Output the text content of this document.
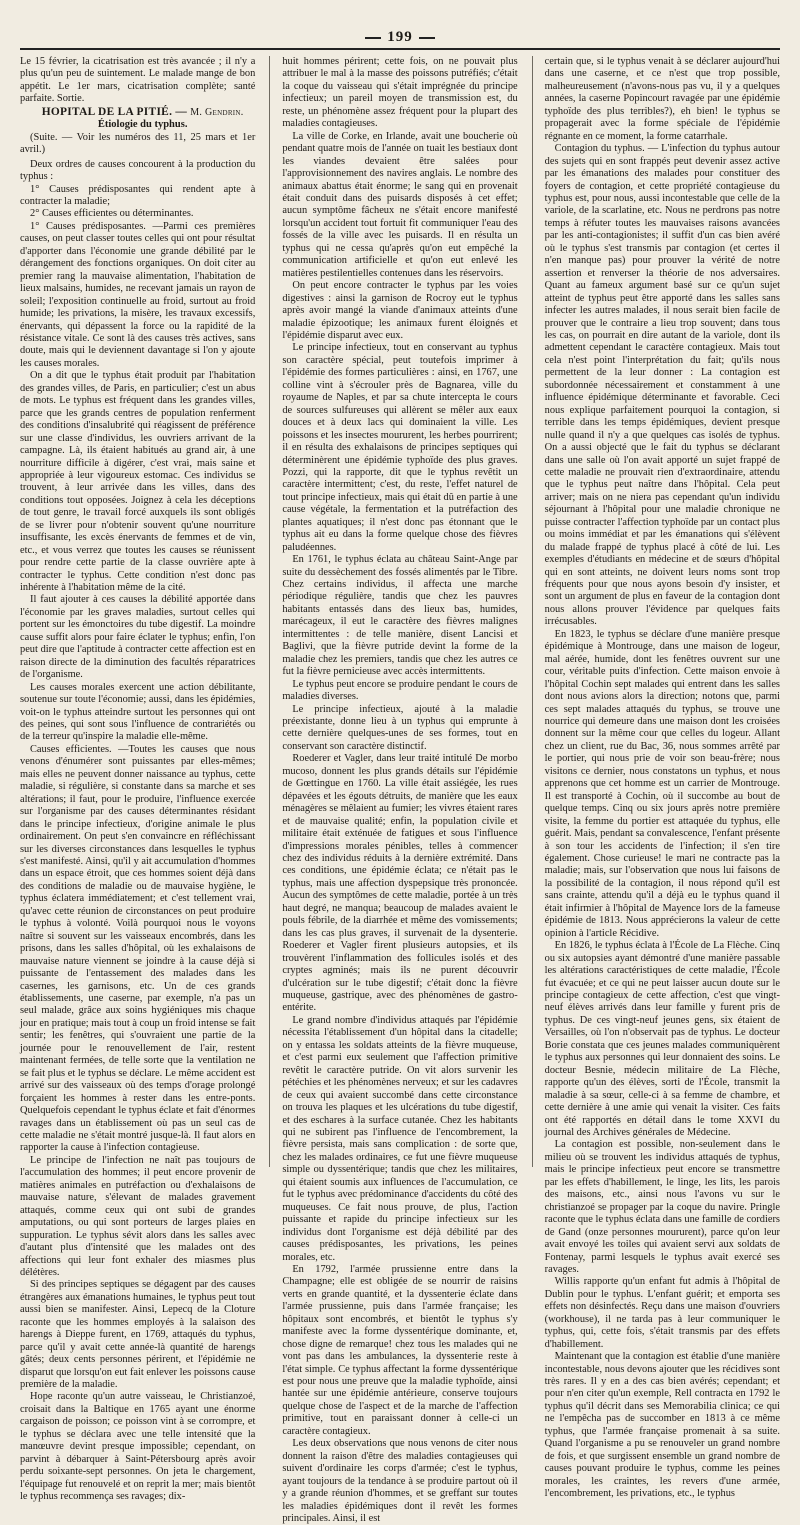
199

Le 15 février, la cicatrisation est très avancée ; il n'y a plus qu'un peu de suintement. Le malade mange de bon appétit. Le 1er mars, cicatrisation complète; santé parfaite. Sortie.

HOPITAL DE LA PITIÉ. — M. Gendrin.

Étiologie du typhus.

(Suite. — Voir les numéros des 11, 25 mars et 1er avril.)

Deux ordres de causes concourent à la production du typhus :

1° Causes prédisposantes qui rendent apte à contracter la maladie;

2° Causes efficientes ou déterminantes.

1° Causes prédisposantes. —Parmi ces premières causes, on peut classer toutes celles qui ont pour résultat d'apporter dans l'économie une grande débilité par le dérangement des fonctions organiques. On doit citer au premier rang la mauvaise alimentation, l'habitation de lieux malsains, humides, ne recevant jamais un rayon de soleil; l'exposition continuelle au froid, surtout au froid humide; les privations, la misère, les travaux excessifs, énervants, qui dépassent la force ou la rapidité de la résistance vitale. Ce sont là des causes très actives, sans doute, mais qui le deviennent davantage si l'on y ajoute les causes morales.

On a dit que le typhus était produit par l'habitation des grandes villes, de Paris, en particulier; c'est un abus de mots. Le typhus est fréquent dans les grandes villes, parce que les grands centres de population renferment des conditions d'insalubrité qui réagissent de préférence sur une classe d'individus, les ouvriers arrivant de la campagne. Là, ils étaient habitués au grand air, à une nourriture difficile à digérer, c'est vrai, mais saine et appropriée à leur vigoureux estomac. Ces individus se trouvent, à leur arrivée dans les villes, dans des conditions tout opposées. Joignez à cela les déceptions de tout genre, le travail forcé auxquels ils sont obligés de se livrer pour n'obtenir souvent qu'une nourriture insuffisante, les excès énervants de femmes et de vin, etc., et vous verrez que toutes les causes se réunissent pour rendre cette partie de la classe ouvrière apte à contracter le typhus. Cette condition n'est donc pas inhérente à l'habitation même de la cité.

Il faut ajouter à ces causes la débilité apportée dans l'économie par les graves maladies, surtout celles qui portent sur les émonctoires du tube digestif. La moindre cause suffit alors pour faire éclater le typhus; enfin, l'on peut dire que l'aptitude à contracter cette affection est en raison directe de la diminution des facultés réparatrices de l'organisme.

Les causes morales exercent une action débilitante, soutenue sur toute l'économie; aussi, dans les épidémies, voit-on le typhus atteindre surtout les personnes qui ont des peines, qui sont sous l'influence de contrariétés ou de la terreur qu'inspire la maladie elle-même.

Causes efficientes. —Toutes les causes que nous venons d'énumérer sont puissantes par elles-mêmes; mais elles ne peuvent donner naissance au typhus, cette maladie, si régulière, si constante dans sa marche et ses altérations; il faut, pour le produire, l'influence exercée sur l'organisme par des causes déterminantes résidant dans le principe infectieux, d'origine animale le plus ordinairement. On peut s'en convaincre en réfléchissant sur les diverses circonstances dans lesquelles le typhus s'est manifesté. Ainsi, qu'il y ait accumulation d'hommes dans un espace étroit, que ces hommes soient déjà dans des conditions de maladie ou de mauvaise hygiène, le typhus éclatera immédiatement; et c'est tellement vrai, qu'avec cette réunion de circonstances on peut produire le typhus à volonté. Voilà pourquoi nous le voyons naître si souvent sur les vaisseaux encombrés, dans les prisons, dans les salles d'hôpital, où les exhalaisons de mauvaise nature viennent se joindre à la cause déjà si puissante de l'entassement des malades dans les casernes, les garnisons, etc. Un de ces grands établissements, une caserne, par exemple, n'a pas un seul malade, grâce aux soins hygiéniques mis chaque jour en pratique; mais tout à coup un froid intense se fait sentir; les fenêtres, qui s'ouvraient une partie de la journée pour le renouvellement de l'air, restent maintenant fermées, de telle sorte que la ventilation ne se fait plus et le typhus se déclare. Le même accident est arrivé sur des vaisseaux où des temps d'orage prolongé forçaient les hommes à rester dans les entre-ponts. Quelquefois cependant le typhus éclate et fait d'énormes ravages dans un établissement où pas un seul cas de cette maladie ne s'était montré jusque-là. Il faut alors en rapporter la cause à l'infection contagieuse.

Le principe de l'infection ne naît pas toujours de l'accumulation des hommes; il peut encore provenir de matières animales en putréfaction ou d'exhalaisons de mauvaise nature, s'élevant de malades gravement attaqués, comme ceux qui ont subi de grandes amputations, ou qui sont porteurs de larges plaies en suppuration. Le typhus sévit alors dans les salles avec d'autant plus d'intensité que les malades ont des affections qui leur font exhaler des miasmes plus délétères.

Si des principes septiques se dégagent par des causes étrangères aux émanations humaines, le typhus peut tout aussi bien se manifester. Ainsi, Lepecq de la Cloture raconte que les hommes employés à la salaison des harengs à Dieppe furent, en 1769, attaqués du typhus, parce qu'il y avait cette année-là quantité de harengs gâtés; deux cents personnes périrent, et l'épidémie ne disparut que lorsqu'on eut fait enlever les poissons cause première de la maladie.

Hope raconte qu'un autre vaisseau, le Christianzoé, croisait dans la Baltique en 1765 ayant une énorme cargaison de poisson; ce poisson vint à se corrompre, et le typhus se déclara avec une telle intensité que la manœuvre devint presque impossible; cependant, on parvint à débarquer à Saint-Pétersbourg après avoir perdu soixante-sept personnes. On jeta le chargement, l'équipage fut renouvelé et on reprit la mer; mais bientôt le typhus recommença ses ravages; dix-

huit hommes périrent; cette fois, on ne pouvait plus attribuer le mal à la masse des poissons putréfiés; c'était la coque du vaisseau qui s'était imprégnée du principe infectieux; un pareil moyen de transmission est, du reste, un phénomène assez fréquent pour la plupart des maladies contagieuses.

La ville de Corke, en Irlande, avait une boucherie où pendant quatre mois de l'année on tuait les bestiaux dont les viandes devaient être salées pour l'approvisionnement des navires anglais. Le nombre des animaux abattus était énorme; le sang qui en provenait était conduit dans des puisards disposés à cet effet; aucun symptôme fâcheux ne s'était encore manifesté lorsqu'un accident tout fortuit fit communiquer l'eau des fossés de la ville avec les puisards. Il en résulta un typhus qui ne cessa qu'après qu'on eut empêché la communication artificielle et qu'on eut enlevé les matières pestilentielles contenues dans les réservoirs.

On peut encore contracter le typhus par les voies digestives : ainsi la garnison de Rocroy eut le typhus après avoir mangé la viande d'animaux atteints d'une maladie épizootique; les animaux furent éloignés et l'épidémie disparut avec eux.

Le principe infectieux, tout en conservant au typhus son caractère spécial, peut toutefois imprimer à l'épidémie des formes particulières : ainsi, en 1767, une colline vint à s'écrouler près de Bagnarea, ville du royaume de Naples, et par sa chute intercepta le cours de sources sulfureuses qui allèrent se mêler aux eaux douces et à deux lacs qui dominaient la ville. Les poissons et les insectes moururent, les herbes pourrirent; il en résulta des exhalaisons de principes septiques qui déterminèrent une épidémie typhoïde des plus graves. Pozzi, qui la rapporte, dit que le typhus revêtit un caractère intermittent; c'est, du reste, l'effet naturel de tout principe infectieux, mais qui était dû en partie à une cause végétale, la fermentation et la putréfaction des plantes aquatiques; il n'est donc pas étonnant que le typhus ait eu dans la forme quelque chose des fièvres paludéennes.

En 1761, le typhus éclata au château Saint-Ange par suite du dessèchement des fossés alimentés par le Tibre. Chez certains individus, il affecta une marche périodique régulière, tandis que chez les pauvres habitants entassés dans des lieux bas, humides, marécageux, il eut le caractère des fièvres malignes intermittentes : de telle manière, disent Lancisi et Baglivi, que la fièvre putride devint la forme de la maladie chez les premiers, tandis que chez les autres ce fut la fièvre pernicieuse avec accès intermittents.

Le typhus peut encore se produire pendant le cours de maladies diverses.

Le principe infectieux, ajouté à la maladie préexistante, donne lieu à un typhus qui emprunte à cette dernière quelques-unes de ses formes, tout en conservant son caractère distinctif.

Roederer et Vagler, dans leur traité intitulé De morbo mucoso, donnent les plus grands détails sur l'épidémie de Gœttingue en 1760. La ville était assiégée, les rues dépavées et les égouts détruits, de manière que les eaux ménagères se mêlaient au fumier; les vivres étaient rares et de mauvaise qualité; enfin, la population civile et militaire était exténuée de fatigues et sous l'influence d'impressions morales pénibles, telles à commencer chez des individus réduits à la dernière extrémité. Dans ces conditions, une épidémie éclata; ce n'était pas le typhus, mais une affection dyspepsique très prononcée. Aucun des symptômes de cette maladie, portée à un très haut degré, ne manqua; beaucoup de malades avaient le pouls fébrile, de la diarrhée et même des vomissements; dans les cas plus graves, il survenait de la dysenterie. Roederer et Vagler firent plusieurs autopsies, et ils trouvèrent l'inflammation des follicules isolés et des cryptes agminés; mais ils ne purent découvrir d'ulcération sur le tube digestif; c'était donc la fièvre muqueuse, gastrique, avec des phénomènes de gastro-entérite.

Le grand nombre d'individus attaqués par l'épidémie nécessita l'établissement d'un hôpital dans la citadelle; on y entassa les soldats atteints de la fièvre muqueuse, et c'est parmi eux seulement que l'affection primitive revêtit le caractère putride. On vit alors survenir les pétéchies et les phénomènes nerveux; et sur les cadavres de ceux qui avaient succombé dans cette circonstance on trouva les plaques et les ulcérations du tube digestif, et des eschares à la surface cutanée. Chez les habitants qui ne subirent pas l'influence de l'encombrement, la fièvre persista, mais sans complication : de sorte que, chez les malades ordinaires, ce fut une fièvre muqueuse simple ou dyssentérique; tandis que chez les militaires, qui étaient soumis aux influences de l'accumulation, ce fut le typhus avec prédominance d'accidents du côté des muqueuses. Ce fait nous prouve, de plus, l'action puissante et rapide du principe infectieux sur les individus dont l'organisme est déjà débilité par des causes prédisposantes, les privations, les peines morales, etc.

En 1792, l'armée prussienne entre dans la Champagne; elle est obligée de se nourrir de raisins verts en grande quantité, et la dyssenterie éclate dans l'armée prussienne, puis dans l'armée française; les hôpitaux sont encombrés, et bientôt le typhus s'y manifeste avec la forme dyssentérique dominante, et, chose digne de remarque! chez tous les malades qui ne vont pas dans les ambulances, la dyssenterie reste à l'état simple. Ce typhus affectant la forme dyssentérique est pour nous une preuve que la maladie typhoïde, ainsi hantée sur une épidémie antérieure, conserve toujours quelque chose de l'aspect et de la marche de l'affection primitive, tout en paraissant donner à celle-ci un caractère contagieux.

Les deux observations que nous venons de citer nous donnent la raison d'être des maladies contagieuses qui suivent d'ordinaire les corps d'armée; c'est le typhus, ayant toujours de la tendance à se produire partout où il y a grande réunion d'hommes, et se greffant sur toutes les maladies épidémiques dont il revêt les formes principales. Ainsi, il est

certain que, si le typhus venait à se déclarer aujourd'hui dans une caserne, et ce n'est que trop possible, malheureusement (n'avons-nous pas vu, il y a quelques années, la caserne Popincourt ravagée par une épidémie typhoïde des plus terribles?), eh bien! le typhus se propagerait avec la forme spéciale de l'épidémie régnante en ce moment, la forme catarrhale.

Contagion du typhus. — L'infection du typhus autour des sujets qui en sont frappés peut devenir assez active par les émanations des malades pour constituer des foyers de contagion, et cette propriété contagieuse du typhus est, pour nous, aussi incontestable que celle de la variole, de la scarlatine, etc. Nous ne perdrons pas notre temps à réfuter toutes les mauvaises raisons avancées par les anti-contagionistes; il suffit d'un cas bien avéré où le typhus s'est transmis par contagion (et certes il n'en manque pas) pour prouver la vérité de notre assertion et renverser la théorie de nos adversaires. Quant au fameux argument basé sur ce qu'un sujet atteint de typhus peut être apporté dans les salles sans infecter les autres malades, il nous serait bien facile de prouver que le contraire a lieu trop souvent; dans tous les cas, on pourrait en dire autant de la variole, dont ils admettent cependant le caractère contagieux. Mais tout cela n'est point l'interprétation du fait; qu'ils nous permettent de la leur donner : La contagion est subordonnée nécessairement et constamment à une influence épidémique déterminante et favorable. Ceci nous explique parfaitement pourquoi la contagion, si terrible dans les temps épidémiques, devient presque nulle quand il n'y a que quelques cas isolés de typhus. On a aussi objecté que le fait du typhus se déclarant dans une salle où l'on avait apporté un sujet frappé de cette maladie ne prouvait rien d'extraordinaire, attendu que le typhus peut naître dans l'hôpital. Cela peut arriver; mais on ne niera pas cependant qu'un individu séjournant à l'hôpital pour une maladie chronique ne puisse contracter l'affection typhoïde par un contact plus ou moins immédiat et par les émanations qui s'élèvent du malade frappé de typhus placé à côté de lui. Les exemples d'étudiants en médecine et de sœurs d'hôpital qui en sont atteints, ne doivent leurs noms sont trop fréquents pour que nous ayons besoin d'y insister, et sont un argument de plus en faveur de la contagion dont nous allons prouver l'évidence par quelques faits irrécusables.

En 1823, le typhus se déclare d'une manière presque épidémique à Montrouge, dans une maison de logeur, mal aérée, humide, dont les fenêtres ouvrent sur une cour, véritable puits d'infection. Cette maison envoie à l'hôpital Cochin sept malades qui entrent dans les salles dont nous avions alors la direction; notons que, parmi ces sept malades attaqués du typhus, se trouve une nourrice qui demeure dans une maison dont les croisées donnent sur la même cour que celles du logeur. Allant chez un client, rue du Bac, 36, nous sommes arrêté par le portier, qui nous prie de voir son beau-frère; nous visitons ce dernier, nous constatons un typhus, et nous apprenons que cet homme est un carrier de Montrouge. Il est transporté à Cochin, où il succombe au bout de quelque temps. Cinq ou six jours après notre première visite, la femme du portier est attaquée du typhus, elle guérit. Mais, pendant sa convalescence, l'enfant présente à son tour les accidents de l'infection; il s'en tire également. Chose curieuse! le mari ne contracte pas la maladie; mais, sur l'observation que nous lui faisons de la possibilité de la contagion, il nous répond qu'il est sans crainte, attendu qu'il a déjà eu le typhus quand il était infirmier à l'hôpital de Mayence lors de la fameuse épidémie de 1813. Nous apprécierons la valeur de cette opinion à l'article Récidive.

En 1826, le typhus éclata à l'École de La Flèche. Cinq ou six autopsies ayant démontré d'une manière passable les altérations caractéristiques de cette maladie, l'École fut évacuée; et ce qui ne peut laisser aucun doute sur le principe contagieux de cette affection, c'est que vingt-neuf élèves arrivés dans leur famille y furent pris de typhus. De ces vingt-neuf jeunes gens, six étaient de Versailles, où l'on n'observait pas de typhus. Le docteur Borie constata que ces jeunes malades communiquèrent le typhus aux personnes qui leur donnaient des soins. Le docteur Besnie, médecin militaire de La Flèche, rapporte qu'un des élèves, sorti de l'École, transmit la maladie à sa sœur, celle-ci à sa femme de chambre, et cette dernière à une amie qui venait la visiter. Ces faits ont été rapportés en détail dans le tome XXVI du journal des Archives générales de Médecine.

La contagion est possible, non-seulement dans le milieu où se trouvent les individus attaqués de typhus, mais le principe infectieux peut encore se transmettre par les effets d'habillement, le linge, les lits, les parois des maisons, etc., ainsi nous l'avons vu sur le christianzoé se propager par la coque du navire. Pringle raconte que le typhus éclata dans une famille de cordiers de Gand (onze personnes moururent), parce qu'on leur avait envoyé les toiles qui avaient servi aux soldats de Fontenay, parmi lesquels le typhus avait exercé ses ravages.

Willis rapporte qu'un enfant fut admis à l'hôpital de Dublin pour le typhus. L'enfant guérit; et emporta ses effets non désinfectés. Reçu dans une maison d'ouvriers (workhouse), il ne tarda pas à leur communiquer le typhus, qui, cette fois, s'était transmis par des effets d'habillement.

Maintenant que la contagion est établie d'une manière incontestable, nous devons ajouter que les récidives sont très rares. Il y en a des cas bien avérés; cependant; et pour n'en citer qu'un exemple, Rell contracta en 1792 le typhus qu'il décrit dans ses Memorabilia clinica; ce qui ne l'empêcha pas de succomber en 1813 à ce même typhus, que l'armée française promenait à sa suite. Quand l'organisme a pu se renouveler un grand nombre de fois, et que surgissent ensemble un grand nombre de causes pouvant produire le typhus, comme les peines morales, les craintes, les revers d'une armée, l'encombrement, les privations, etc., le typhus
